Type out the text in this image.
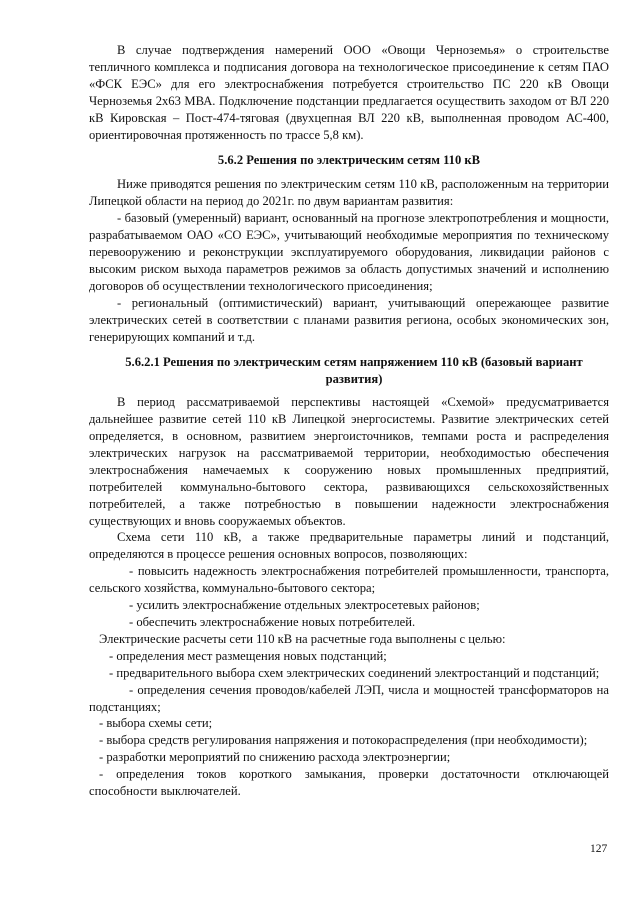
В случае подтверждения намерений ООО «Овощи Черноземья» о строительстве тепличного комплекса и подписания договора на технологическое присоединение к сетям ПАО «ФСК ЕЭС» для его электроснабжения потребуется строительство ПС 220 кВ Овощи Черноземья 2х63 МВА. Подключение подстанции предлагается осуществить заходом от ВЛ 220 кВ Кировская – Пост-474-тяговая (двухцепная ВЛ 220 кВ, выполненная проводом АС-400, ориентировочная протяженность по трассе 5,8 км).

5.6.2 Решения по электрическим сетям 110 кВ

Ниже приводятся решения по электрическим сетям 110 кВ, расположенным на территории Липецкой области на период до 2021г. по двум вариантам развития:

- базовый (умеренный) вариант, основанный на прогнозе электропотребления и мощности, разрабатываемом ОАО «СО ЕЭС», учитывающий необходимые мероприятия по техническому перевооружению и реконструкции эксплуатируемого оборудования, ликвидации районов с высоким риском выхода параметров режимов за область допустимых значений и исполнению договоров об осуществлении технологического присоединения;

- региональный (оптимистический) вариант, учитывающий опережающее развитие электрических сетей в соответствии с планами развития региона, особых экономических зон, генерирующих компаний и т.д.

5.6.2.1 Решения по электрическим сетям напряжением 110 кВ (базовый вариант развития)

В период рассматриваемой перспективы настоящей «Схемой» предусматривается дальнейшее развитие сетей 110 кВ Липецкой энергосистемы. Развитие электрических сетей определяется, в основном, развитием энергоисточников, темпами роста и распределения электрических нагрузок на рассматриваемой территории, необходимостью обеспечения электроснабжения намечаемых к сооружению новых промышленных предприятий, потребителей коммунально-бытового сектора, развивающихся сельскохозяйственных потребителей, а также потребностью в повышении надежности электроснабжения существующих и вновь сооружаемых объектов.

Схема сети 110 кВ, а также предварительные параметры линий и подстанций, определяются в процессе решения основных вопросов, позволяющих:

- повысить надежность электроснабжения потребителей промышленности, транспорта, сельского хозяйства, коммунально-бытового сектора;

- усилить электроснабжение отдельных электросетевых районов;

- обеспечить электроснабжение новых потребителей.

Электрические расчеты сети 110 кВ на расчетные года выполнены с целью:

- определения мест размещения новых подстанций;

- предварительного выбора схем электрических соединений электростанций и подстанций;

- определения сечения проводов/кабелей ЛЭП, числа и мощностей трансформаторов на подстанциях;

- выбора схемы сети;

- выбора средств регулирования напряжения и потокораспределения (при необходимости);

- разработки мероприятий по снижению расхода электроэнергии;

- определения токов короткого замыкания, проверки достаточности отключающей способности выключателей.

127
